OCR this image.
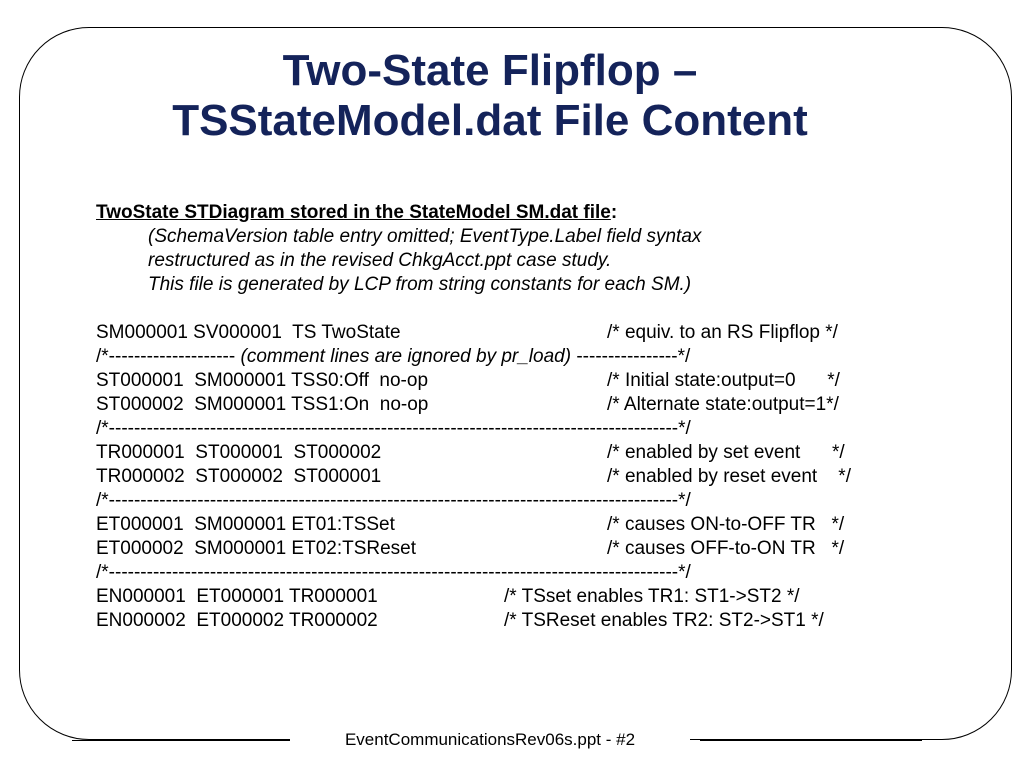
Two-State Flipflop –
TSStateModel.dat File Content
TwoState STDiagram stored in the StateModel SM.dat file:
(SchemaVersion table entry omitted; EventType.Label field syntax
restructured as in the revised ChkgAcct.ppt case study.
This file is generated by LCP from string constants for each SM.)
SM000001 SV000001  TS TwoState	/* equiv. to an RS Flipflop */
/*-------------------- (comment lines are ignored by pr_load) ----------------*/
ST000001  SM000001 TSS0:Off  no-op	/* Initial state:output=0      */
ST000002  SM000001 TSS1:On  no-op	/* Alternate state:output=1*/
/*------------------------------------------------------------------------------------------*/
TR000001  ST000001  ST000002	/* enabled by set event      */
TR000002  ST000002  ST000001	/* enabled by reset event    */
/*------------------------------------------------------------------------------------------*/
ET000001  SM000001 ET01:TSSet	/* causes ON-to-OFF TR   */
ET000002  SM000001 ET02:TSReset	/* causes OFF-to-ON TR   */
/*------------------------------------------------------------------------------------------*/
EN000001  ET000001 TR000001	/* TSset enables TR1: ST1->ST2 */
EN000002  ET000002 TR000002	/* TSReset enables TR2: ST2->ST1 */
EventCommunicationsRev06s.ppt - #2
